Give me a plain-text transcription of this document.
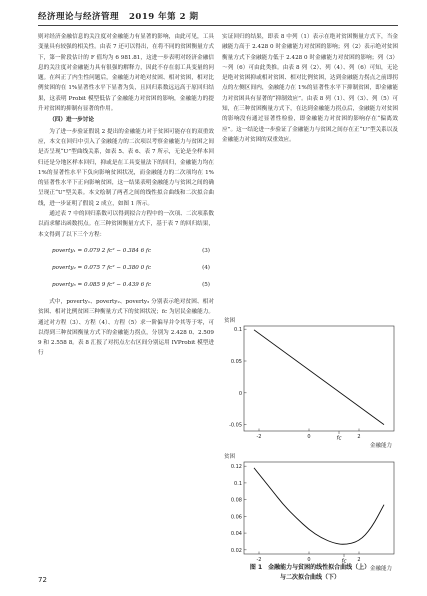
经济理论与经济管理 2019 年第 2 期

则对经济金融信息的关注度对金融能力有显著的影响，由此可见，工具变量具有较强的相关性。由表 7 还可以得出，在将不同的贫困衡量方式下，第一阶段估计的 F 值均为 6 981.81，这进一步表明对经济金融信息的关注度对金融能力具有很强的解释力，因此不存在弱工具变量的问题。在纠正了内生性问题后，金融能力对绝对贫困、相对贫困，相对比例贫困的在 1%显著性水平下显著为负，且回归系数远远高于原回归结果，这表明 Probit 模型低估了金融能力对贫困的影响，金融能力的提升对贫困的抑制有显著的作用。

（四）进一步讨论

为了进一步验证假说 2 提出的金融能力对于贫困可能存在的双重效应，本文在回归中引入了金融能力的二次项以考察金融能力与贫困之间是否呈现“U”型曲线关系，如表 5、表 6、表 7 所示，无论是全样本回归还是分地区样本回归，抑或是在工具变量法下的回归，金融能力均在 1%的显著性水平下负向影响贫困状况，而金融能力的二次项均在 1%的显著性水平下正向影响贫困，这一结果表明金融能力与贫困之间的确呈现正“U”型关系。本文绘制了两者之间的线性拟合曲线和二次拟合曲线，进一步证明了假说 2 成立，如图 1 所示。

通过表 7 中的回归系数可以得到拟合方程中的一次项、二次项系数以而求解出函数拐点。在三种贫困衡量方式下，基于表 7 的回归结果，本文得到了以下三个方程：

poverty₁ = 0.079 2 fc² − 0.384 6 fc	(3)
poverty₂ = 0.075 7 fc² − 0.380 0 fc	(4)
poverty₃ = 0.085 9 fc² − 0.439 6 fc	(5)

式中，poverty₁、poverty₂、poverty₃ 分别表示绝对贫困、相对贫困、相对比例贫困三种衡量方式下的贫困状况；fc 为居民金融能力。通过对方程（3）、方程（4）、方程（5）求一阶偏导并令其等于零，可以得到三种贫困衡量方式下的金融能力拐点，分别为 2.428 0、2.509 9 和 2.558 8。表 8 汇报了对拐点左右区间分别运用 IVProbit 模型进行

实证回归的结果，即表 8 中列（1）表示在绝对贫困衡量方式下，当金融能力高于 2.428 0 时金融能力对贫困的影响；列（2）表示绝对贫困衡量方式下金融能力低于 2.428 0 时金融能力对贫困的影响；列（3）～列（6）可由此类推。由表 8 列（2）、列（4）、列（6）可知，无论是绝对贫困抑或相对贫困、相对比例贫困，达到金融能力拐点之前即拐点的左侧区间内，金融能力在 1%的显著性水平下抑制贫困，即金融能力对贫困具有显著的“抑制效应”。由表 8 列（1）、列（3）、列（5）可知，在三种贫困衡量方式下，在达到金融能力拐点后，金融能力对贫困的影响没有通过显著性检验，即金融能力对贫困的影响存在“偏离效应”。这一结论进一步验证了金融能力与贫困之间存在正“U”型关系以及金融能力对贫困的双重效应。

贫困
金融能力
0.1
0.05
0
-0.05
-2	0	2
fc
贫困
金融能力
0.12
0.1
0.08
0.06
0.04
0.02
-2	0	2
fc
图 1　金融能力与贫困的线性拟合曲线（上）
与二次拟合曲线（下）
72
